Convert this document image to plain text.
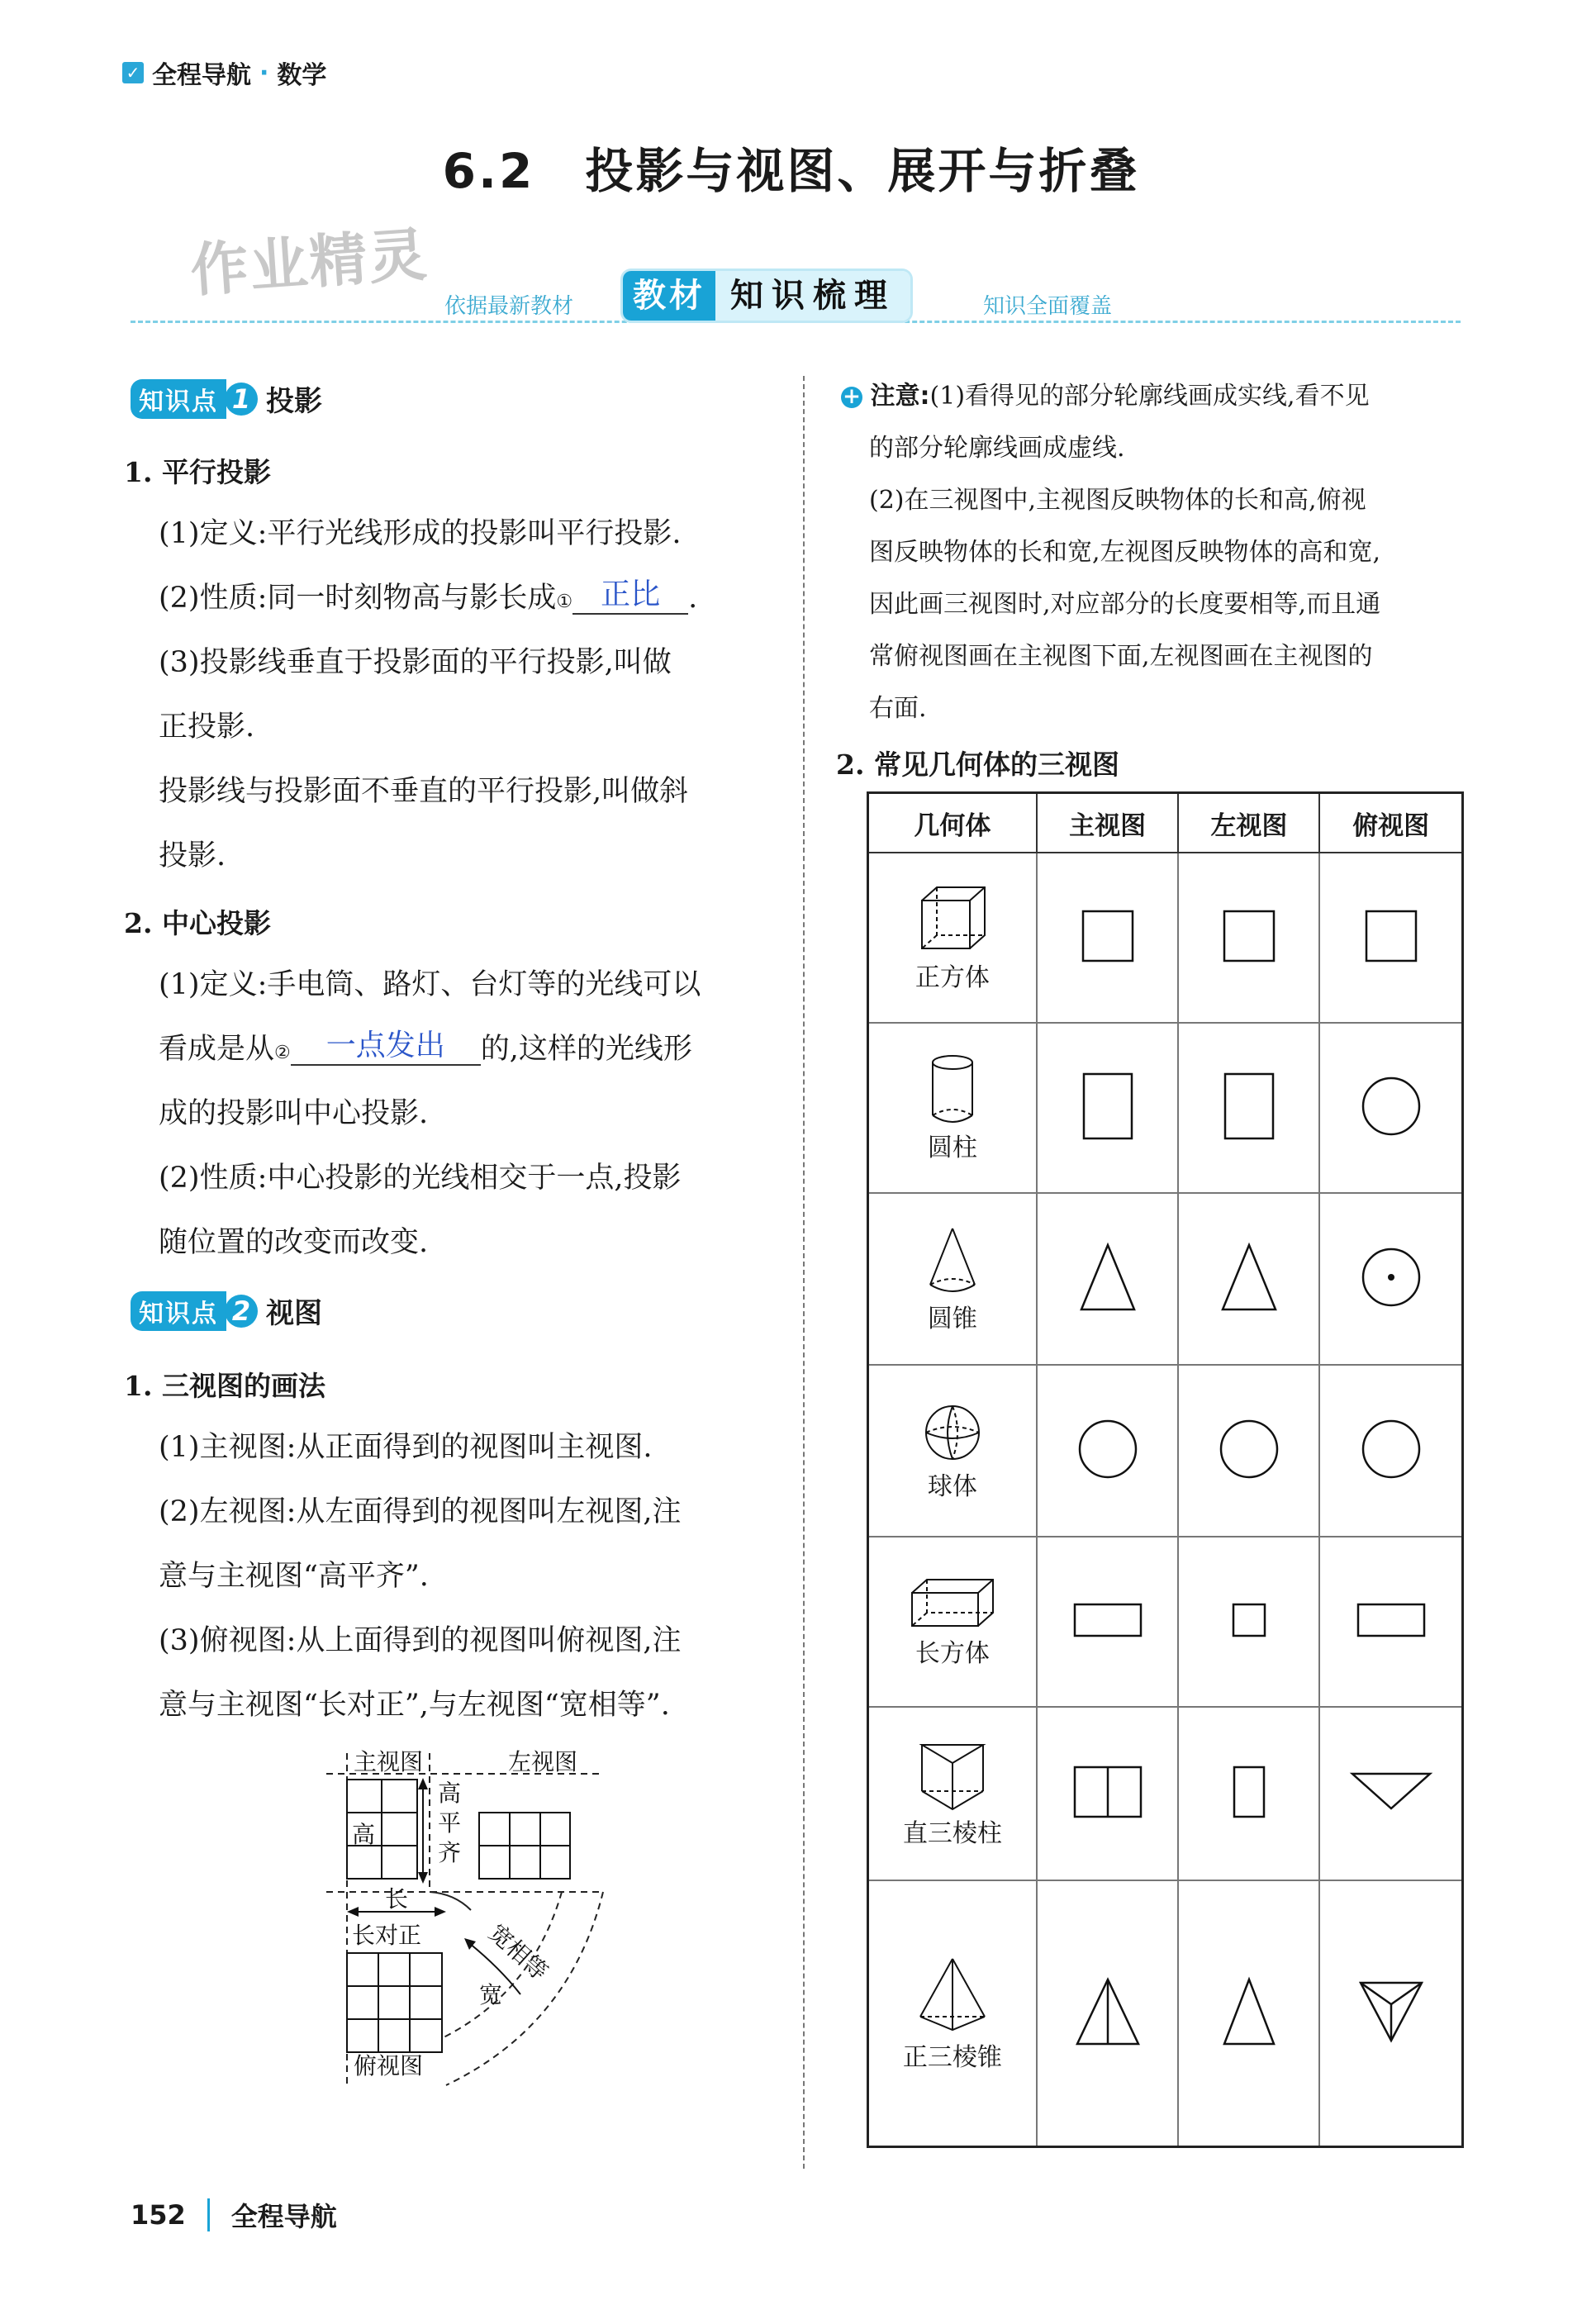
✓ 全程导航 · 数学
6.2　投影与视图、展开与折叠
作业精灵
依据最新教材	教材 知识梳理	知识全面覆盖
知识点 1 投影
1. 平行投影
(1)定义:平行光线形成的投影叫平行投影.
(2)性质:同一时刻物高与影长成① 正比 .
(3)投影线垂直于投影面的平行投影,叫做
正投影.
投影线与投影面不垂直的平行投影,叫做斜
投影.
2. 中心投影
(1)定义:手电筒、路灯、台灯等的光线可以
看成是从② 一点发出 的,这样的光线形
成的投影叫中心投影.
(2)性质:中心投影的光线相交于一点,投影
随位置的改变而改变.
知识点 2 视图
1. 三视图的画法
(1)主视图:从正面得到的视图叫主视图.
(2)左视图:从左面得到的视图叫左视图,注
意与主视图“高平齐”.
(3)俯视图:从上面得到的视图叫俯视图,注
意与主视图“长对正”,与左视图“宽相等”.
主视图	左视图
俯视图
高
高
平
齐
长
长对正
宽
宽相等
+ 注意:(1)看得见的部分轮廓线画成实线,看不见
的部分轮廓线画成虚线.
(2)在三视图中,主视图反映物体的长和高,俯视
图反映物体的长和宽,左视图反映物体的高和宽,
因此画三视图时,对应部分的长度要相等,而且通
常俯视图画在主视图下面,左视图画在主视图的
右面.
2. 常见几何体的三视图
几何体	主视图	左视图	俯视图

正方体

圆柱

圆锥

球体

长方体

直三棱柱

正三棱锥

152 全程导航
